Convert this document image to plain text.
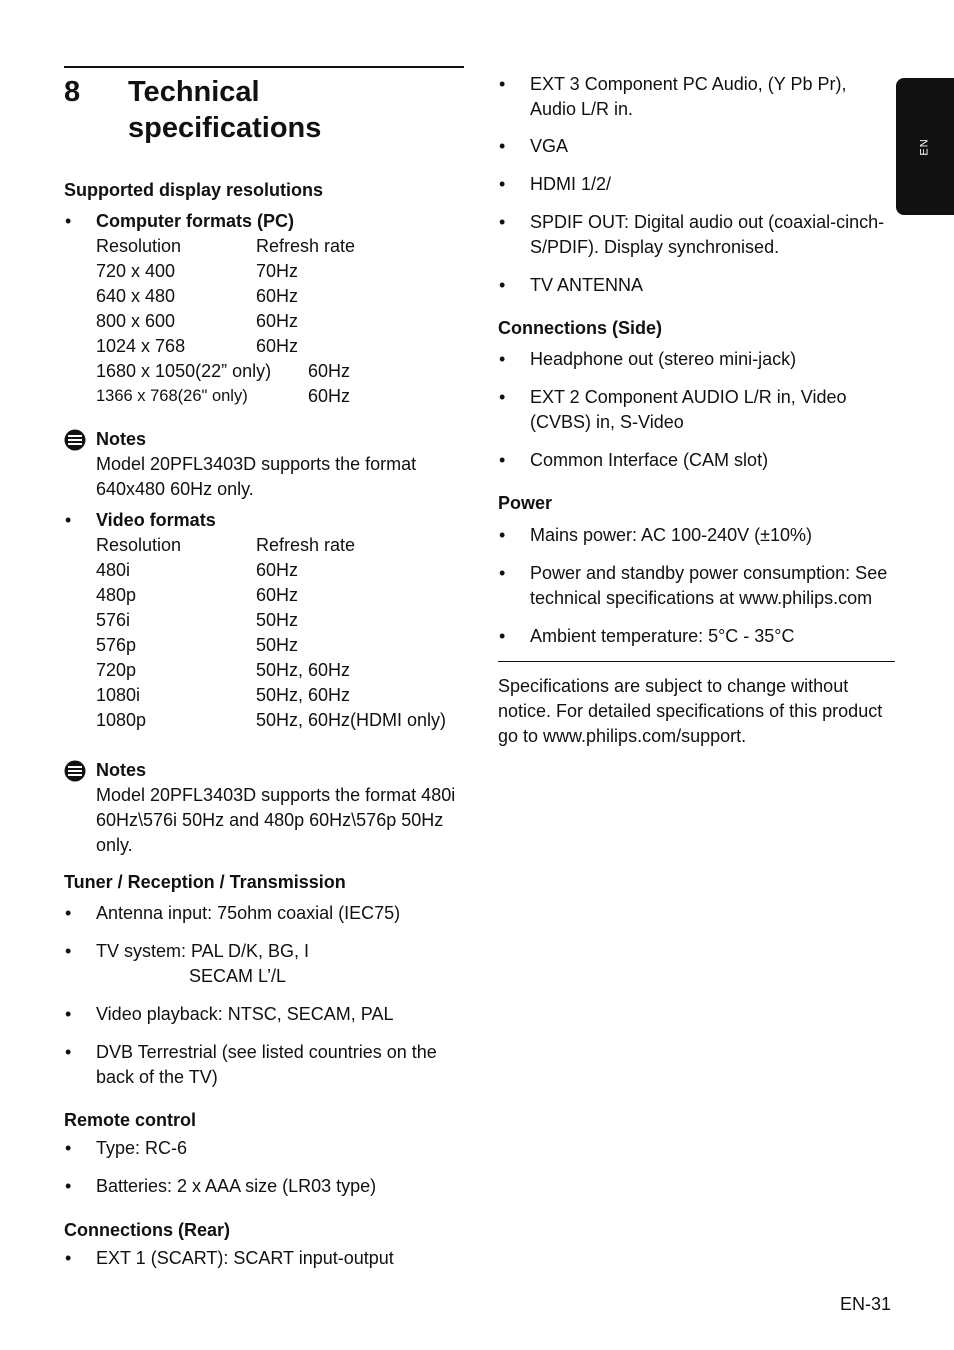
8	Technical
specifications
Supported display resolutions
• Computer formats (PC)
Resolution	Refresh rate
720 x 400	70Hz
640 x 480	60Hz
800 x 600	60Hz
1024 x 768	60Hz
1680 x 1050(22” only)	60Hz
1366 x 768(26" only)	60Hz
Notes
Model 20PFL3403D supports the format 640x480 60Hz only.
• Video formats
Resolution	Refresh rate
480i	60Hz
480p	60Hz
576i	50Hz
576p	50Hz
720p	50Hz, 60Hz
1080i	50Hz, 60Hz
1080p	50Hz, 60Hz(HDMI only)
Notes
Model 20PFL3403D supports the format 480i 60Hz\576i 50Hz and 480p 60Hz\576p 50Hz only.
Tuner / Reception / Transmission
• Antenna input: 75ohm coaxial (IEC75)
• TV system: PAL D/K, BG, I
SECAM L’/L
• Video playback: NTSC, SECAM, PAL
• DVB Terrestrial (see listed countries on the back of the TV)
Remote control
• Type: RC-6
• Batteries: 2 x AAA size (LR03 type)
Connections (Rear)
• EXT 1 (SCART): SCART input-output
• EXT 3 Component PC Audio, (Y Pb Pr), Audio L/R in.
• VGA
• HDMI 1/2/
• SPDIF OUT: Digital audio out (coaxial-cinch-S/PDIF). Display synchronised.
• TV ANTENNA
Connections (Side)
• Headphone out (stereo mini-jack)
• EXT 2 Component AUDIO L/R in, Video (CVBS) in, S-Video
• Common Interface (CAM slot)
Power
• Mains power: AC 100-240V (±10%)
• Power and standby power consumption: See technical specifications at www.philips.com
• Ambient temperature: 5°C - 35°C
Specifications are subject to change without notice. For detailed specifications of this product go to www.philips.com/support.
EN
EN-31
